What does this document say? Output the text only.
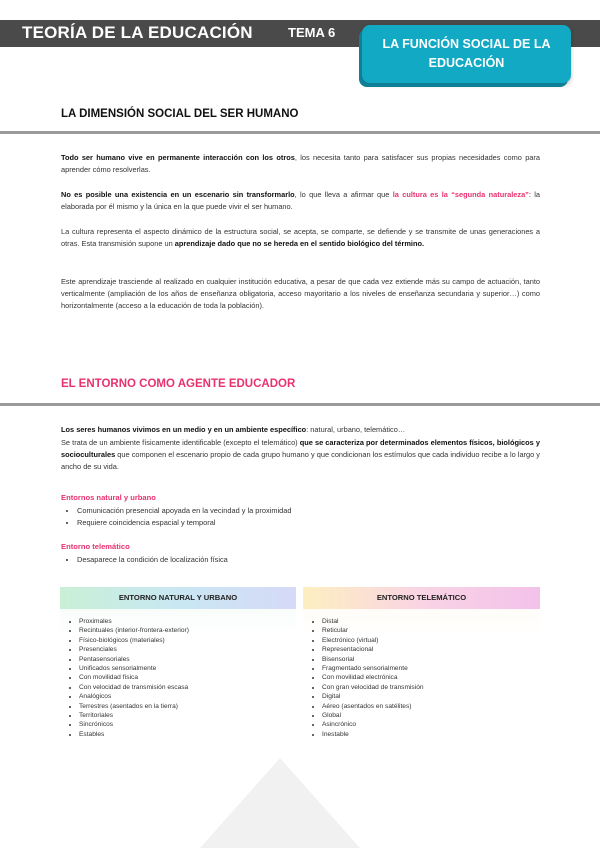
TEORÍA DE LA EDUCACIÓN	TEMA 6
LA FUNCIÓN SOCIAL DE LA EDUCACIÓN
LA DIMENSIÓN SOCIAL DEL SER HUMANO

Todo ser humano vive en permanente interacción con los otros, los necesita tanto para satisfacer sus propias necesidades como para aprender cómo resolverlas.

No es posible una existencia en un escenario sin transformarlo, lo que lleva a afirmar que la cultura es la “segunda naturaleza”: la elaborada por él mismo y la única en la que puede vivir el ser humano.

La cultura representa el aspecto dinámico de la estructura social, se acepta, se comparte, se defiende y se transmite de unas generaciones a otras. Esta transmisión supone un aprendizaje dado que no se hereda en el sentido biológico del término.

Este aprendizaje trasciende al realizado en cualquier institución educativa, a pesar de que cada vez extiende más su campo de actuación, tanto verticalmente (ampliación de los años de enseñanza obligatoria, acceso mayoritario a los niveles de enseñanza secundaria y superior…) como horizontalmente (acceso a la educación de toda la población).

EL ENTORNO COMO AGENTE EDUCADOR

Los seres humanos vivimos en un medio y en un ambiente específico: natural, urbano, telemático…

Se trata de un ambiente físicamente identificable (excepto el telemático) que se caracteriza por determinados elementos físicos, biológicos y socioculturales que componen el escenario propio de cada grupo humano y que condicionan los estímulos que cada individuo recibe a lo largo y ancho de su vida.

Entornos natural y urbano
• Comunicación presencial apoyada en la vecindad y la proximidad
• Requiere coincidencia espacial y temporal
Entorno telemático
• Desaparece la condición de localización física
ENTORNO NATURAL Y URBANO
• Proximales
• Recintuales (interior-frontera-exterior)
• Físico-biológicos (materiales)
• Presenciales
• Pentasensoriales
• Unificados sensorialmente
• Con movilidad física
• Con velocidad de transmisión escasa
• Analógicos
• Terrestres (asentados en la tierra)
• Territoriales
• Sincrónicos
• Estables
ENTORNO TELEMÁTICO
• Distal
• Reticular
• Electrónico (virtual)
• Representacional
• Bisensorial
• Fragmentado sensorialmente
• Con movilidad electrónica
• Con gran velocidad de transmisión
• Digital
• Aéreo (asentados en satélites)
• Global
• Asincrónico
• Inestable
